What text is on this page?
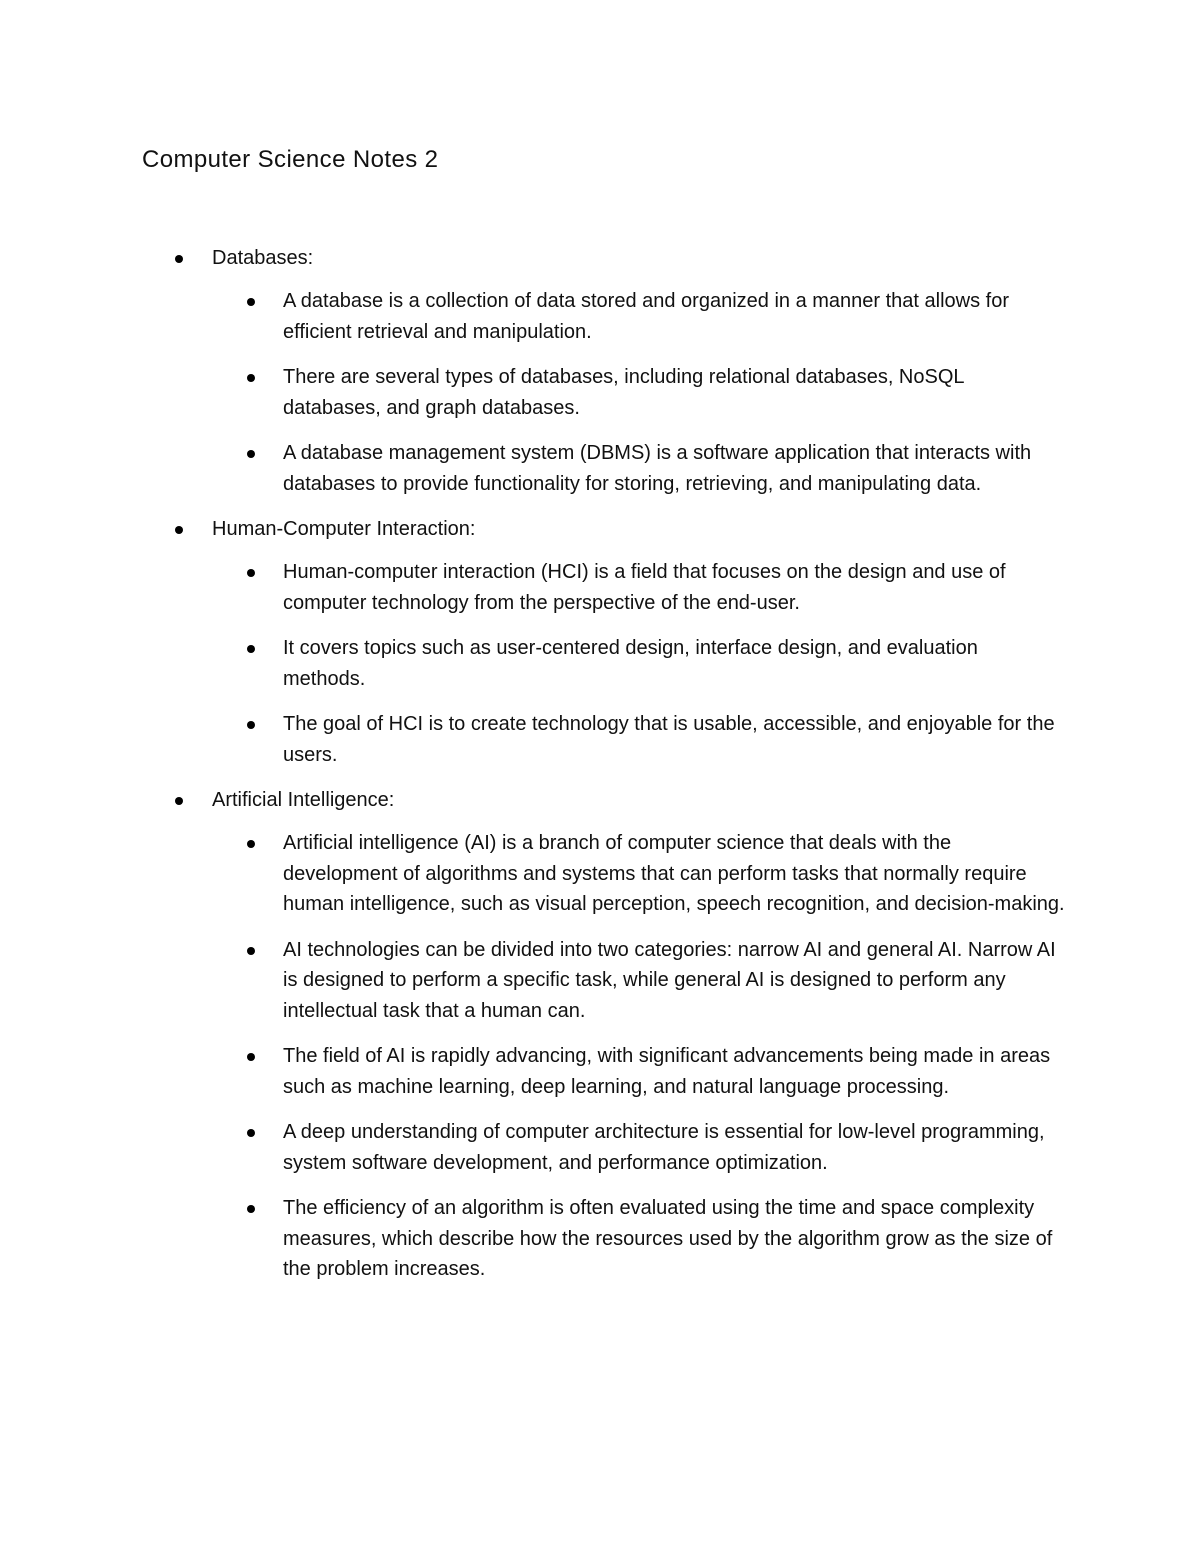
Computer Science Notes 2
Databases:
A database is a collection of data stored and organized in a manner that allows for efficient retrieval and manipulation.
There are several types of databases, including relational databases, NoSQL databases, and graph databases.
A database management system (DBMS) is a software application that interacts with databases to provide functionality for storing, retrieving, and manipulating data.
Human-Computer Interaction:
Human-computer interaction (HCI) is a field that focuses on the design and use of computer technology from the perspective of the end-user.
It covers topics such as user-centered design, interface design, and evaluation methods.
The goal of HCI is to create technology that is usable, accessible, and enjoyable for the users.
Artificial Intelligence:
Artificial intelligence (AI) is a branch of computer science that deals with the development of algorithms and systems that can perform tasks that normally require human intelligence, such as visual perception, speech recognition, and decision-making.
AI technologies can be divided into two categories: narrow AI and general AI. Narrow AI is designed to perform a specific task, while general AI is designed to perform any intellectual task that a human can.
The field of AI is rapidly advancing, with significant advancements being made in areas such as machine learning, deep learning, and natural language processing.
A deep understanding of computer architecture is essential for low-level programming, system software development, and performance optimization.
The efficiency of an algorithm is often evaluated using the time and space complexity measures, which describe how the resources used by the algorithm grow as the size of the problem increases.
